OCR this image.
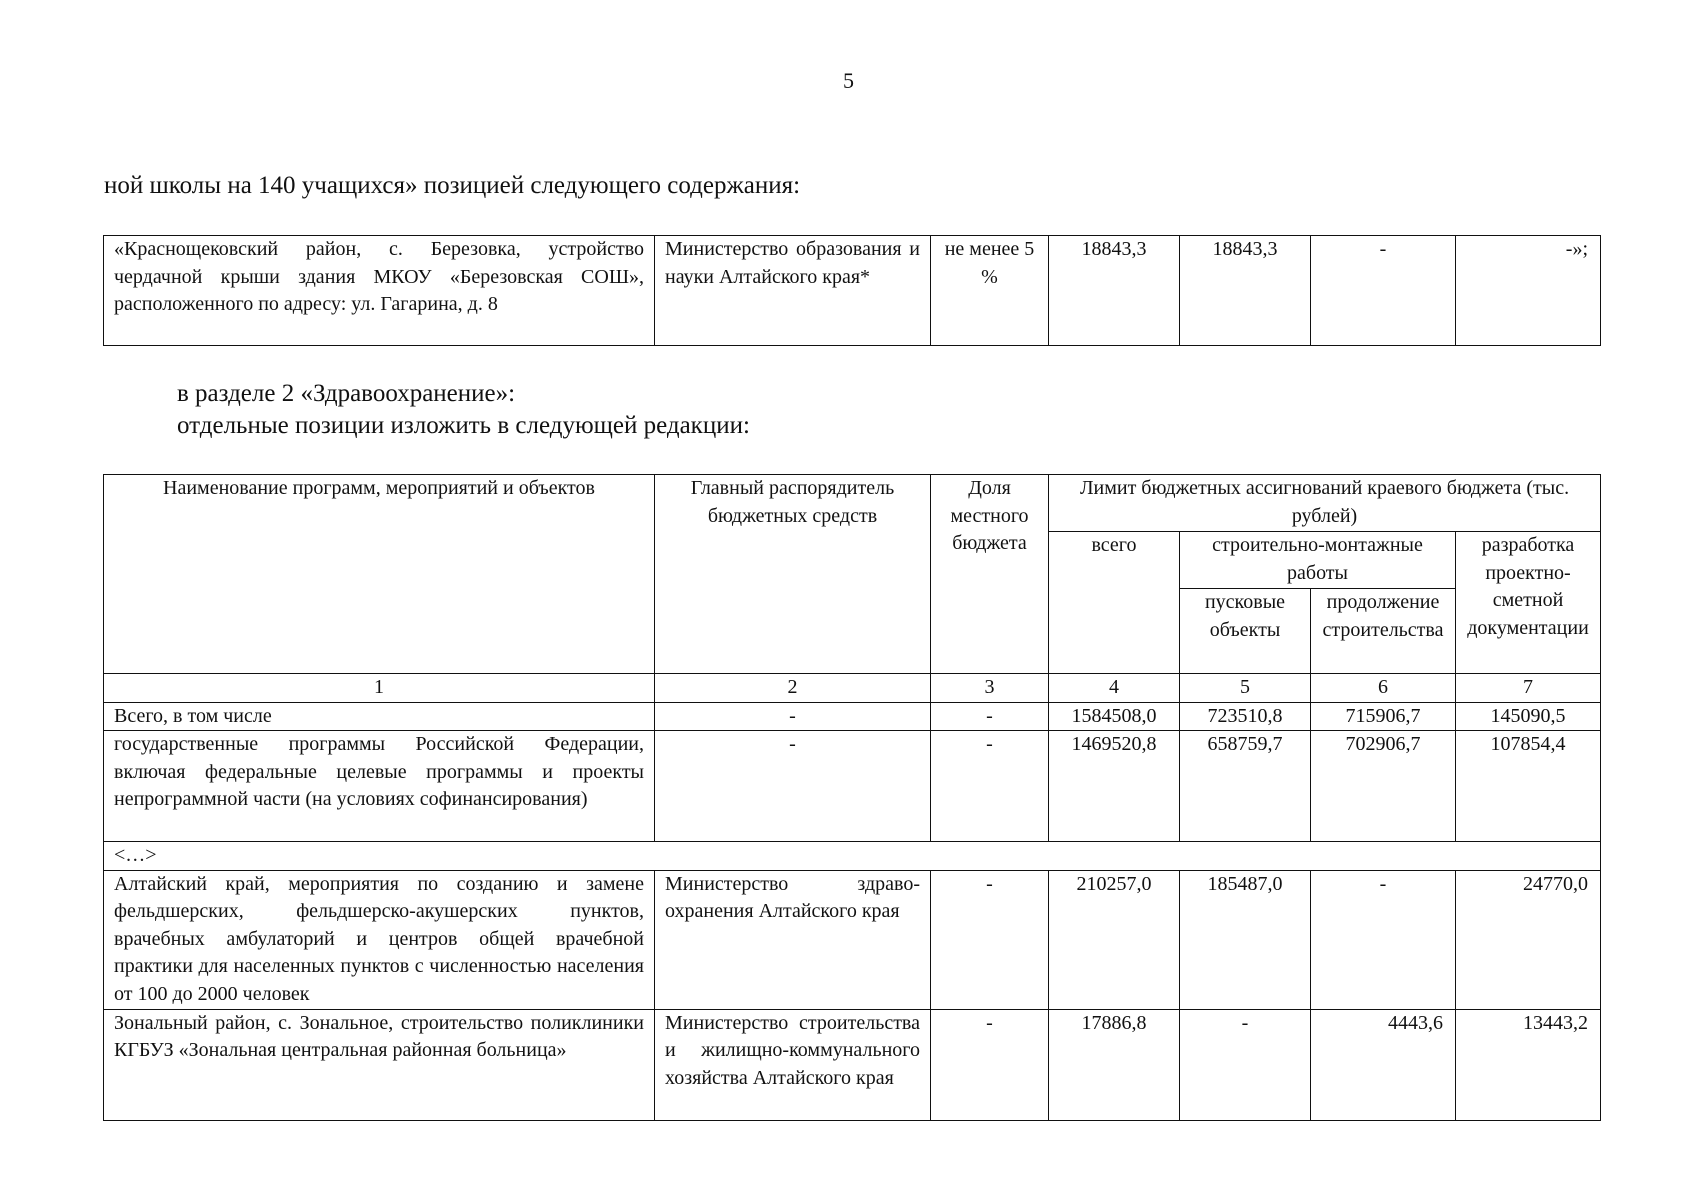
5
ной школы на 140 учащихся» позицией следующего содержания:
«Краснощековский район, с. Березовка, устройство чердачной крыши здания МКОУ «Березовская СОШ», расположенного по адресу: ул. Гагарина, д. 8	Министерство образования и науки Алтайского края*	не менее 5 %	18843,3	18843,3	-	-»;
в разделе 2 «Здравоохранение»:
отдельные позиции изложить в следующей редакции:
Наименование программ, мероприятий и объектов	Главный распорядитель бюджетных средств	Доля местного бюджета	Лимит бюджетных ассигнований краевого бюджета (тыс. рублей)			
			всего	строительно-монтажные работы		разработка проектно-сметной документации
				пусковые объекты	продолжение строительства	
1	2	3	4	5	6	7
Всего, в том числе	-	-	1584508,0	723510,8	715906,7	145090,5
государственные программы Российской Федерации, включая федеральные целевые программы и проекты непрограммной части (на условиях софинансирования)	-	-	1469520,8	658759,7	702906,7	107854,4
<…>						
Алтайский край, мероприятия по созданию и замене фельдшерских, фельдшерско-акушерских пунктов, врачебных амбулаторий и центров общей врачебной практики для населенных пунктов с численностью населения от 100 до 2000 человек	Министерство здравоохранения Алтайского края	-	210257,0	185487,0	-	24770,0
Зональный район, с. Зональное, строительство поликлиники КГБУЗ «Зональная центральная районная больница»	Министерство строительства и жилищно-коммунального хозяйства Алтайского края	-	17886,8	-	4443,6	13443,2
